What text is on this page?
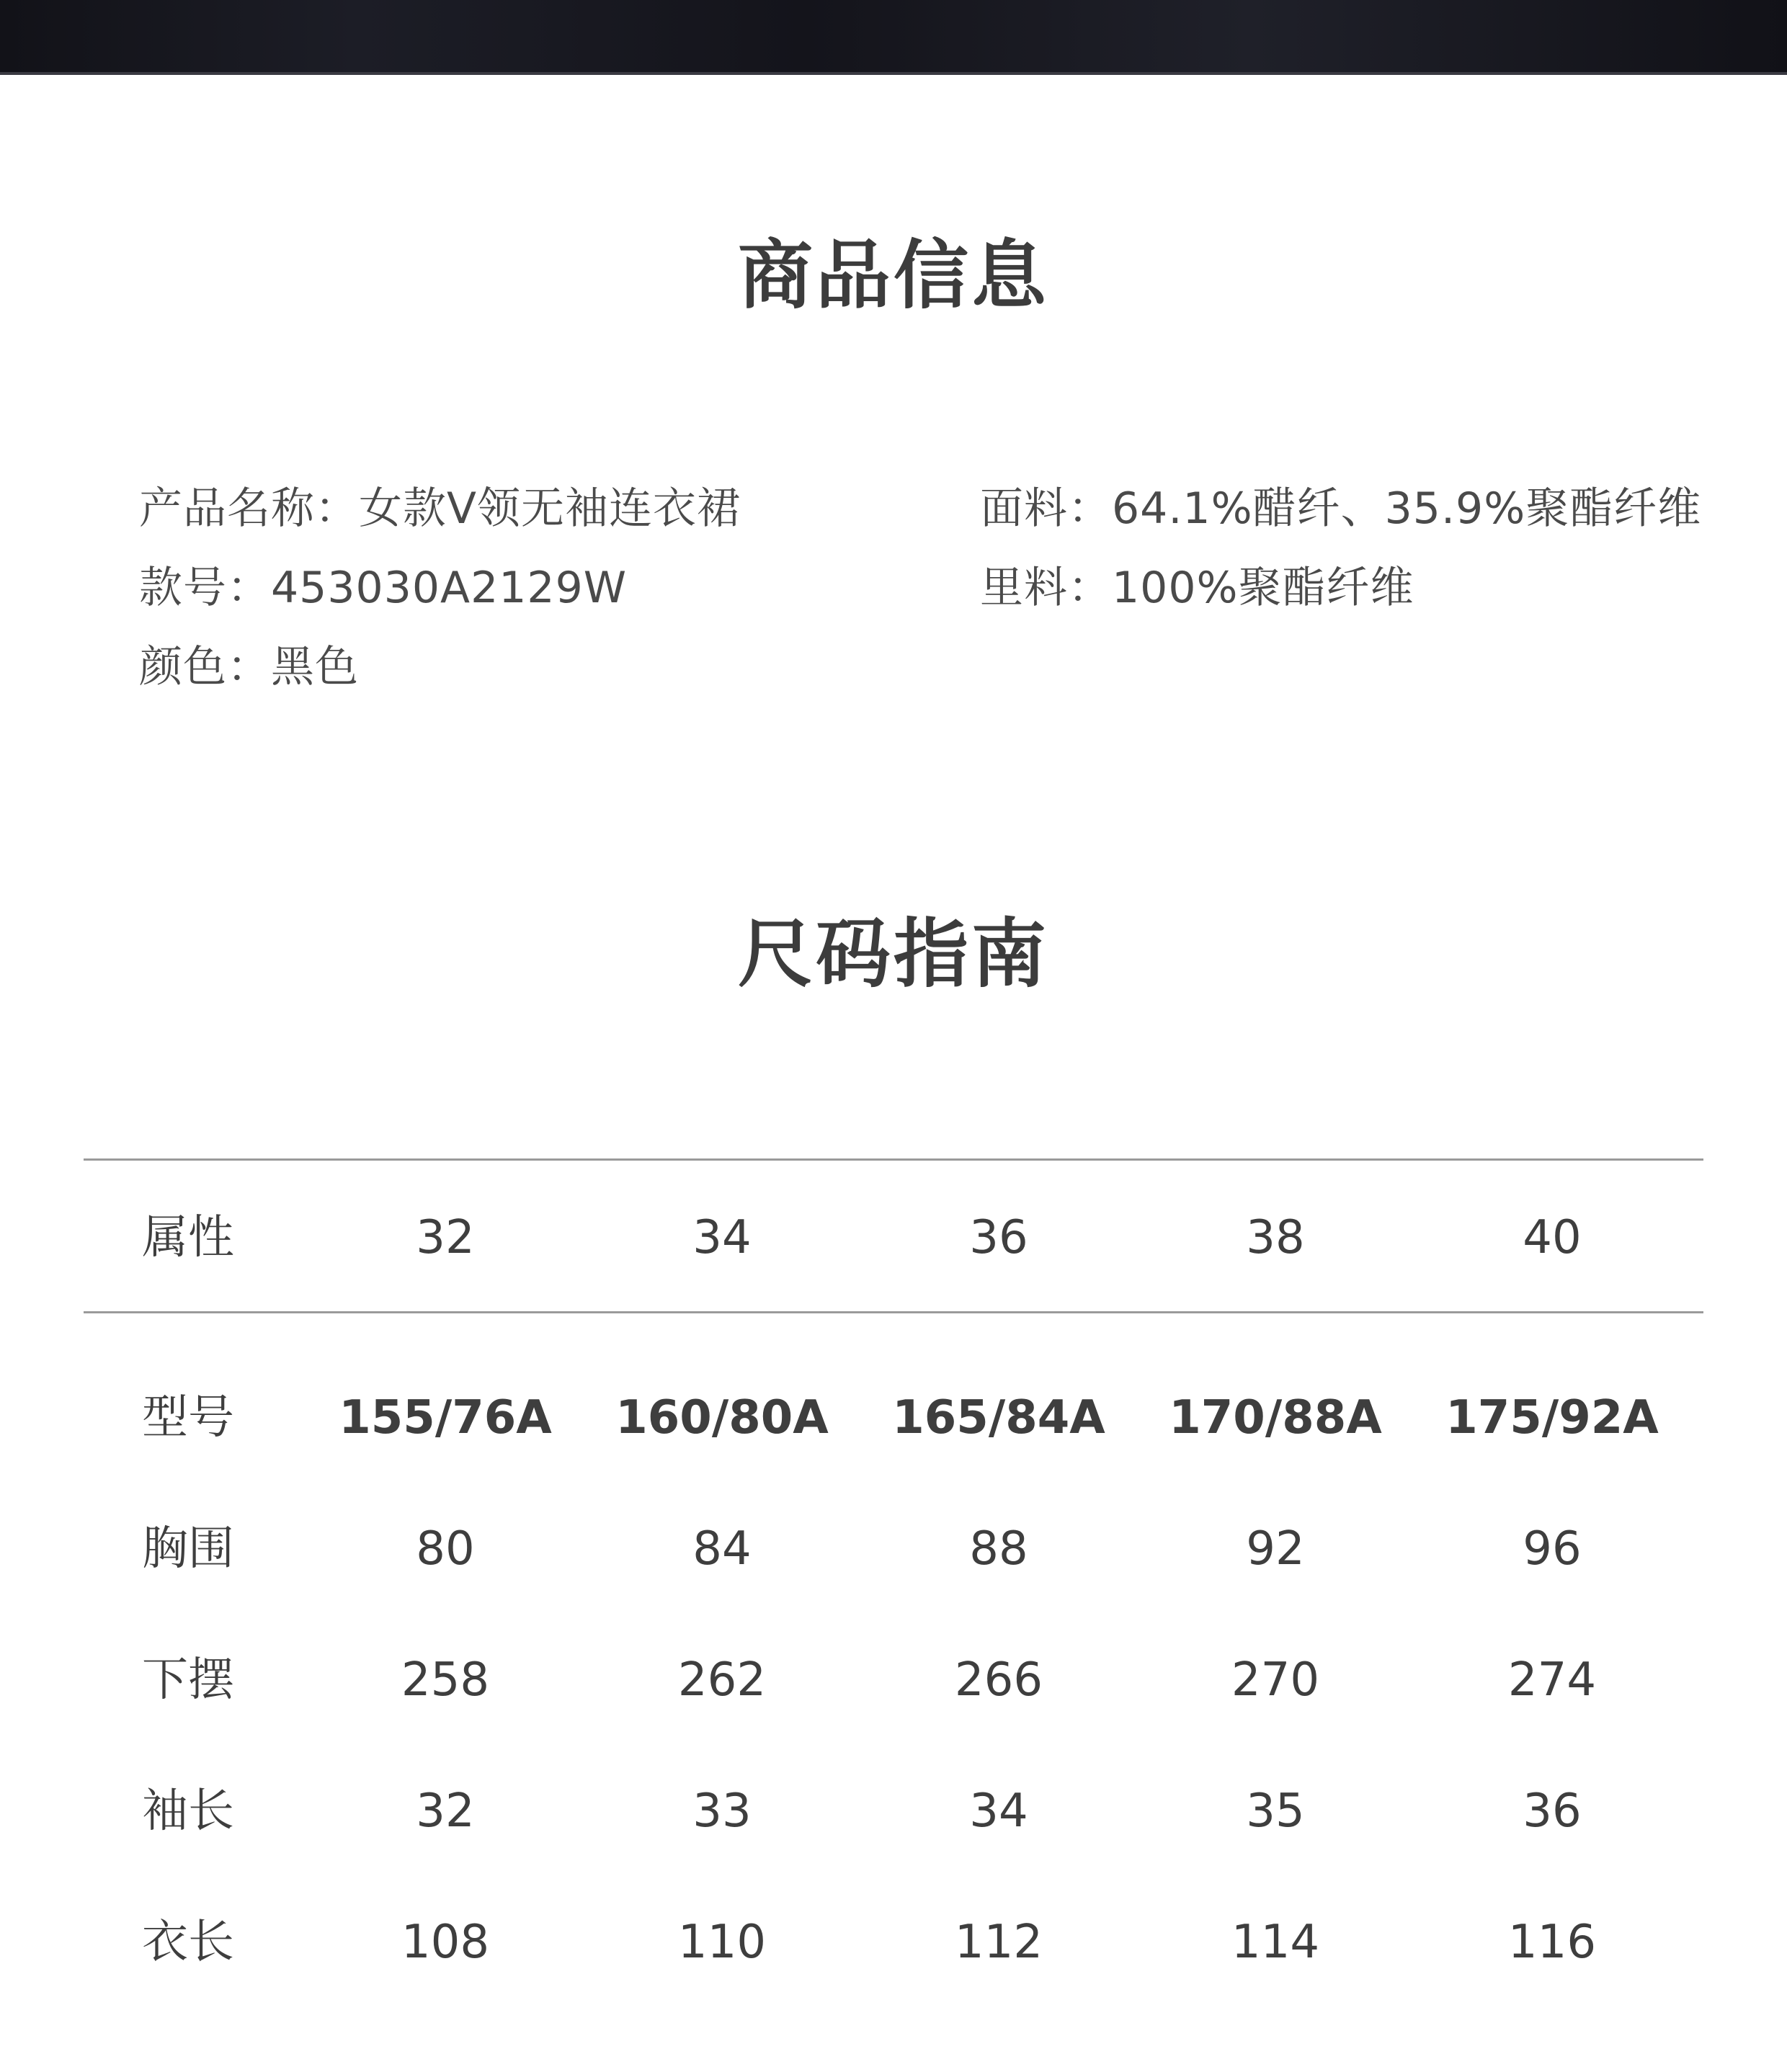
商品信息
产品名称：女款V领无袖连衣裙
款号：453030A2129W
颜色：黑色
面料：64.1%醋纤、35.9%聚酯纤维
里料：100%聚酯纤维
尺码指南
属性	32	34	36	38	40
型号 155/76A 160/80A 165/84A 170/88A 175/92A
胸围	80	84	88	92	96
下摆	258	262	266	270	274
袖长	32	33	34	35	36
衣长	108	110	112	114	116
